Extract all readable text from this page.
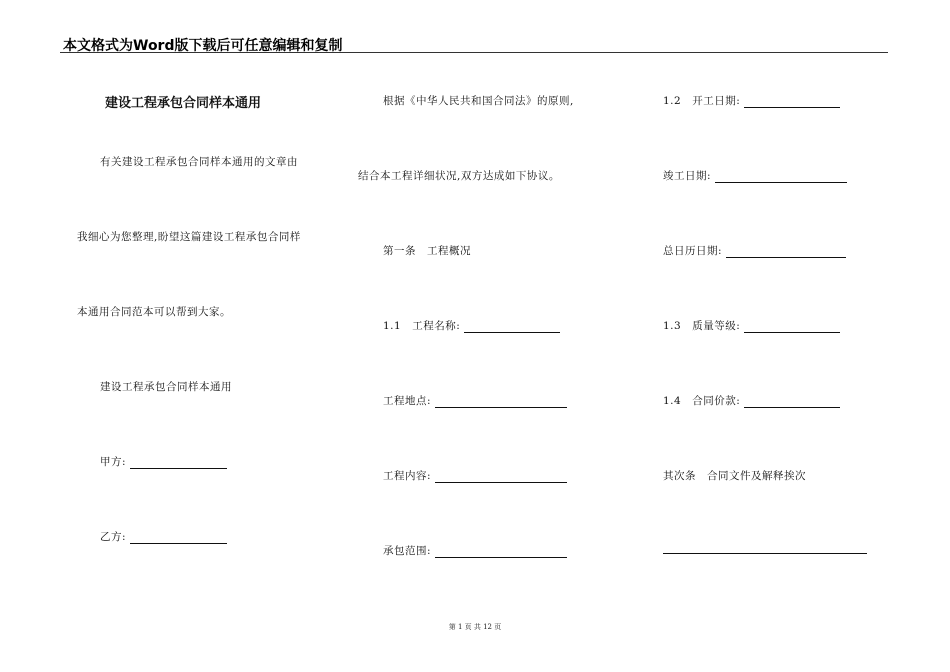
本文格式为Word版下载后可任意编辑和复制
建设工程承包合同样本通用
有关建设工程承包合同样本通用的文章由
我细心为您整理,盼望这篇建设工程承包合同样
本通用合同范本可以帮到大家。
建设工程承包合同样本通用
甲方:
乙方:
根据《中华人民共和国合同法》的原则,
结合本工程详细状况,双方达成如下协议。
第一条　工程概况
1.1　工程名称:
工程地点:
工程内容:
承包范围:
1.2　开工日期:
竣工日期:
总日历日期:
1.3　质量等级:
1.4　合同价款:
其次条　合同文件及解释挨次
第 1 页 共 12 页
